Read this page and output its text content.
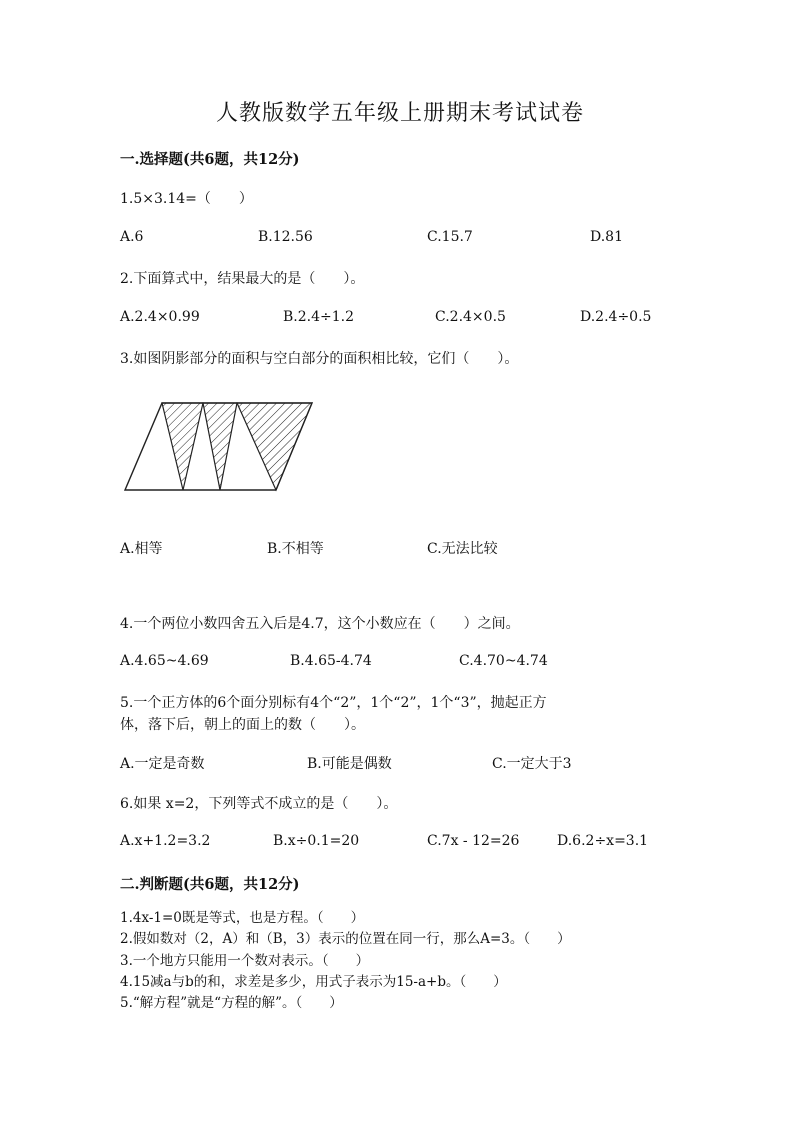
人教版数学五年级上册期末考试试卷
一.选择题(共6题，共12分)
1.5×3.14=（　　）
A.6	B.12.56	C.15.7	D.81
2.下面算式中，结果最大的是（　　）。
A.2.4×0.99	B.2.4÷1.2	C.2.4×0.5	D.2.4÷0.5
3.如图阴影部分的面积与空白部分的面积相比较，它们（　　）。
A.相等	B.不相等	C.无法比较
4.一个两位小数四舍五入后是4.7，这个小数应在（　　）之间。
A.4.65~4.69	B.4.65-4.74	C.4.70~4.74
5.一个正方体的6个面分别标有4个“2”，1个“2”，1个“3”，抛起正方
体，落下后，朝上的面上的数（　　）。
A.一定是奇数	B.可能是偶数	C.一定大于3
6.如果 x=2，下列等式不成立的是（　　）。
A.x+1.2=3.2	B.x÷0.1=20	C.7x - 12=26	D.6.2÷x=3.1
二.判断题(共6题，共12分)
1.4x-1=0既是等式，也是方程。（　　）
2.假如数对（2，A）和（B，3）表示的位置在同一行，那么A=3。（　　）
3.一个地方只能用一个数对表示。（　　）
4.15减a与b的和，求差是多少，用式子表示为15-a+b。（　　）
5.“解方程”就是“方程的解”。（　　）
